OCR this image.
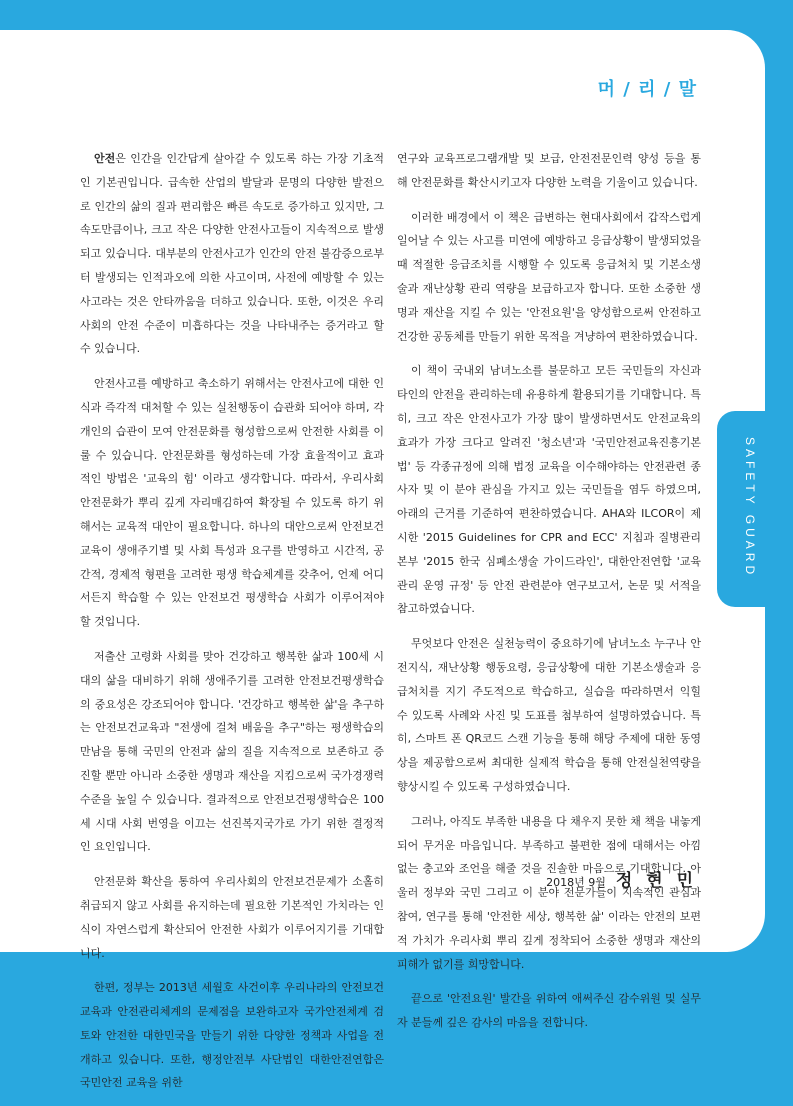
머 / 리 / 말

안전은 인간을 인간답게 살아갈 수 있도록 하는 가장 기초적인 기본권입니다. 급속한 산업의 발달과 문명의 다양한 발전으로 인간의 삶의 질과 편리함은 빠른 속도로 증가하고 있지만, 그 속도만큼이나, 크고 작은 다양한 안전사고들이 지속적으로 발생되고 있습니다. 대부분의 안전사고가 인간의 안전 불감증으로부터 발생되는 인적과오에 의한 사고이며, 사전에 예방할 수 있는 사고라는 것은 안타까움을 더하고 있습니다. 또한, 이것은 우리사회의 안전 수준이 미흡하다는 것을 나타내주는 증거라고 할 수 있습니다.

안전사고를 예방하고 축소하기 위해서는 안전사고에 대한 인식과 즉각적 대처할 수 있는 실천행동이 습관화 되어야 하며, 각개인의 습관이 모여 안전문화를 형성함으로써 안전한 사회를 이룰 수 있습니다. 안전문화를 형성하는데 가장 효율적이고 효과적인 방법은 '교육의 힘' 이라고 생각합니다. 따라서, 우리사회 안전문화가 뿌리 깊게 자리매김하여 확장될 수 있도록 하기 위해서는 교육적 대안이 필요합니다. 하나의 대안으로써 안전보건교육이 생애주기별 및 사회 특성과 요구를 반영하고 시간적, 공간적, 경제적 형편을 고려한 평생 학습체계를 갖추어, 언제 어디서든지 학습할 수 있는 안전보건 평생학습 사회가 이루어져야 할 것입니다.

저출산 고령화 사회를 맞아 건강하고 행복한 삶과 100세 시대의 삶을 대비하기 위해 생애주기를 고려한 안전보건평생학습의 중요성은 강조되어야 합니다. '건강하고 행복한 삶'을 추구하는 안전보건교육과 "전생에 걸쳐 배움을 추구"하는 평생학습의 만남을 통해 국민의 안전과 삶의 질을 지속적으로 보존하고 증진할 뿐만 아니라 소중한 생명과 재산을 지킴으로써 국가경쟁력 수준을 높일 수 있습니다. 결과적으로 안전보건평생학습은 100세 시대 사회 번영을 이끄는 선진복지국가로 가기 위한 결정적인 요인입니다.

안전문화 확산을 통하여 우리사회의 안전보건문제가 소홀히 취급되지 않고 사회를 유지하는데 필요한 기본적인 가치라는 인식이 자연스럽게 확산되어 안전한 사회가 이루어지기를 기대합니다.

한편, 정부는 2013년 세월호 사건이후 우리나라의 안전보건교육과 안전관리체계의 문제점을 보완하고자 국가안전체계 검토와 안전한 대한민국을 만들기 위한 다양한 정책과 사업을 전개하고 있습니다. 또한, 행정안전부 사단법인 대한안전연합은 국민안전 교육을 위한

연구와 교육프로그램개발 및 보급, 안전전문인력 양성 등을 통해 안전문화를 확산시키고자 다양한 노력을 기울이고 있습니다.

이러한 배경에서 이 책은 급변하는 현대사회에서 갑작스럽게 일어날 수 있는 사고를 미연에 예방하고 응급상황이 발생되었을 때 적절한 응급조치를 시행할 수 있도록 응급처치 및 기본소생술과 재난상황 관리 역량을 보급하고자 합니다. 또한 소중한 생명과 재산을 지킬 수 있는 '안전요원'을 양성함으로써 안전하고 건강한 공동체를 만들기 위한 목적을 겨냥하여 편찬하였습니다.

이 책이 국내외 남녀노소를 불문하고 모든 국민들의 자신과 타인의 안전을 관리하는데 유용하게 활용되기를 기대합니다. 특히, 크고 작은 안전사고가 가장 많이 발생하면서도 안전교육의 효과가 가장 크다고 알려진 '청소년'과 '국민안전교육진흥기본법' 등 각종규정에 의해 법정 교육을 이수해야하는 안전관련 종사자 및 이 분야 관심을 가지고 있는 국민들을 염두 하였으며, 아래의 근거를 기준하여 편찬하였습니다. AHA와 ILCOR이 제시한 '2015 Guidelines for CPR and ECC' 지침과 질병관리본부 '2015 한국 심폐소생술 가이드라인', 대한안전연합 '교육 관리 운영 규정' 등 안전 관련분야 연구보고서, 논문 및 서적을 참고하였습니다.

무엇보다 안전은 실천능력이 중요하기에 남녀노소 누구나 안전지식, 재난상황 행동요령, 응급상황에 대한 기본소생술과 응급처치를 지기 주도적으로 학습하고, 실습을 따라하면서 익힐 수 있도록 사례와 사진 및 도표를 첨부하여 설명하였습니다. 특히, 스마트 폰 QR코드 스캔 기능을 통해 해당 주제에 대한 동영상을 제공함으로써 최대한 실제적 학습을 통해 안전실천역량을 향상시킬 수 있도록 구성하였습니다.

그러나, 아직도 부족한 내용을 다 채우지 못한 채 책을 내놓게 되어 무거운 마음입니다. 부족하고 불편한 점에 대해서는 아낌없는 충고와 조언을 해줄 것을 진솔한 마음으로 기대합니다. 아울러 정부와 국민 그리고 이 분야 전문가들이 지속적인 관심과 참여, 연구를 통해 '안전한 세상, 행복한 삶' 이라는 안전의 보편적 가치가 우리사회 뿌리 깊게 정착되어 소중한 생명과 재산의 피해가 없기를 희망합니다.

끝으로 '안전요원' 발간을 위하여 애써주신 감수위원 및 실무자 분들께 깊은 감사의 마음을 전합니다.

SAFETY GUARD
2018년 9월 정 현 민
